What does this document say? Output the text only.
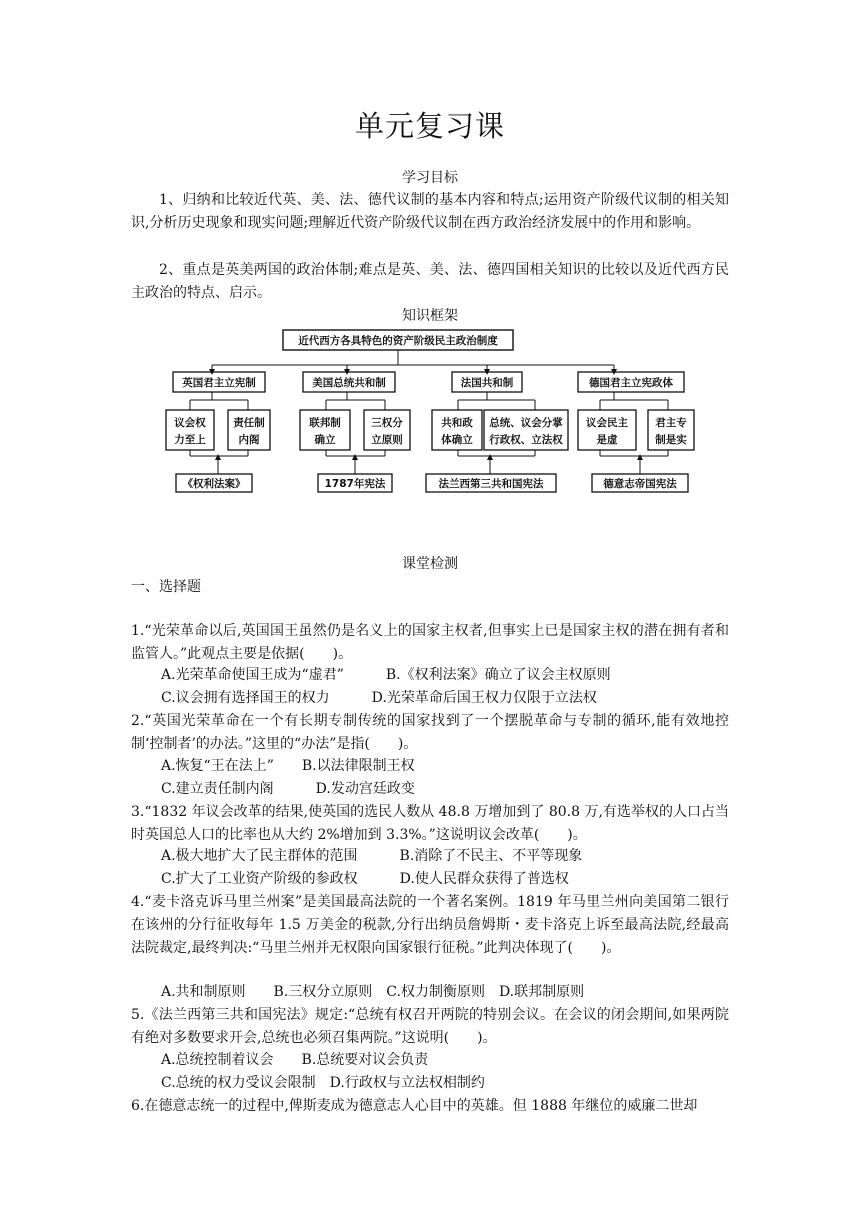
单元复习课
学习目标

1、归纳和比较近代英、美、法、德代议制的基本内容和特点;运用资产阶级代议制的相关知识,分析历史现象和现实问题;理解近代资产阶级代议制在西方政治经济发展中的作用和影响。

2、重点是英美两国的政治体制;难点是英、美、法、德四国相关知识的比较以及近代西方民主政治的特点、启示。

知识框架
近代西方各具特色的资产阶级民主政治制度
英国君主立宪制	美国总统共和制	法国共和制	德国君主立宪政体
议会权
力至上
责任制
内阁
联邦制
确立
三权分
立原则
共和政
体确立
总统、议会分掌
行政权、立法权
议会民主
是虚
君主专
制是实
《权利法案》	1787年宪法	法兰西第三共和国宪法	德意志帝国宪法
课堂检测
一、选择题

1.“光荣革命以后,英国国王虽然仍是名义上的国家主权者,但事实上已是国家主权的潜在拥有者和监管人。”此观点主要是依据(　　)。

A.光荣革命使国王成为“虚君”　　　B.《权利法案》确立了议会主权原则
C.议会拥有选择国王的权力　　　D.光荣革命后国王权力仅限于立法权

2.“英国光荣革命在一个有长期专制传统的国家找到了一个摆脱革命与专制的循环,能有效地控制‘控制者’的办法。”这里的“办法”是指(　　)。

A.恢复“王在法上”　　B.以法律限制王权
C.建立责任制内阁　　　D.发动宫廷政变

3.“1832 年议会改革的结果,使英国的选民人数从 48.8 万增加到了 80.8 万,有选举权的人口占当时英国总人口的比率也从大约 2%增加到 3.3%。”这说明议会改革(　　)。

A.极大地扩大了民主群体的范围　　　B.消除了不民主、不平等现象
C.扩大了工业资产阶级的参政权　　　D.使人民群众获得了普选权

4.“麦卡洛克诉马里兰州案”是美国最高法院的一个著名案例。1819 年马里兰州向美国第二银行在该州的分行征收每年 1.5 万美金的税款,分行出纳员詹姆斯・麦卡洛克上诉至最高法院,经最高法院裁定,最终判决:“马里兰州并无权限向国家银行征税。”此判决体现了(　　)。

A.共和制原则　　B.三权分立原则　C.权力制衡原则　D.联邦制原则

5.《法兰西第三共和国宪法》规定:“总统有权召开两院的特别会议。在会议的闭会期间,如果两院有绝对多数要求开会,总统也必须召集两院。”这说明(　　)。

A.总统控制着议会　　B.总统要对议会负责
C.总统的权力受议会限制　D.行政权与立法权相制约

6.在德意志统一的过程中,俾斯麦成为德意志人心目中的英雄。但 1888 年继位的威廉二世却
